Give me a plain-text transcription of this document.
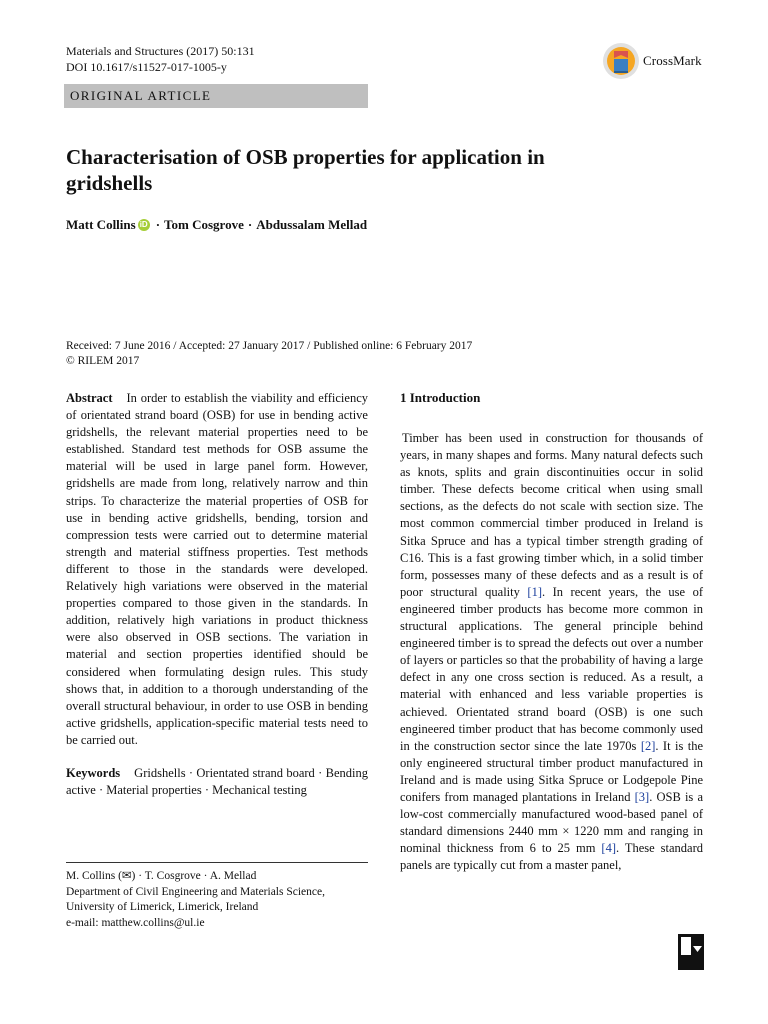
Materials and Structures (2017) 50:131
DOI 10.1617/s11527-017-1005-y	CrossMark
ORIGINAL ARTICLE
Characterisation of OSB properties for application in gridshells
Matt Collins iD · Tom Cosgrove · Abdussalam Mellad
Received: 7 June 2016 / Accepted: 27 January 2017 / Published online: 6 February 2017
© RILEM 2017

Abstract In order to establish the viability and efficiency of orientated strand board (OSB) for use in bending active gridshells, the relevant material properties need to be established. Standard test methods for OSB assume the material will be used in large panel form. However, gridshells are made from long, relatively narrow and thin strips. To characterize the material properties of OSB for use in bending active gridshells, bending, torsion and compression tests were carried out to determine material strength and material stiffness properties. Test methods different to those in the standards were developed. Relatively high variations were observed in the material properties compared to those given in the standards. In addition, relatively high variations in product thickness were also observed in OSB sections. The variation in material and section properties identified should be considered when formulating design rules. This study shows that, in addition to a thorough understanding of the overall structural behaviour, in order to use OSB in bending active gridshells, application-specific material tests need to be carried out.

Keywords Gridshells · Orientated strand board · Bending active · Material properties · Mechanical testing

M. Collins (✉) · T. Cosgrove · A. Mellad
Department of Civil Engineering and Materials Science,
University of Limerick, Limerick, Ireland
e-mail: matthew.collins@ul.ie
1 Introduction

Timber has been used in construction for thousands of years, in many shapes and forms. Many natural defects such as knots, splits and grain discontinuities occur in solid timber. These defects become critical when using small sections, as the defects do not scale with section size. The most common commercial timber produced in Ireland is Sitka Spruce and has a typical timber strength grading of C16. This is a fast growing timber which, in a solid timber form, possesses many of these defects and as a result is of poor structural quality [1]. In recent years, the use of engineered timber products has become more common in structural applications. The general principle behind engineered timber is to spread the defects out over a number of layers or particles so that the probability of having a large defect in any one cross section is reduced. As a result, a material with enhanced and less variable properties is achieved. Orientated strand board (OSB) is one such engineered timber product that has become commonly used in the construction sector since the late 1970s [2]. It is the only engineered structural timber product manufactured in Ireland and is made using Sitka Spruce or Lodgepole Pine conifers from managed plantations in Ireland [3]. OSB is a low-cost commercially manufactured wood-based panel of standard dimensions 2440 mm × 1220 mm and ranging in nominal thickness from 6 to 25 mm [4]. These standard panels are typically cut from a master panel,
